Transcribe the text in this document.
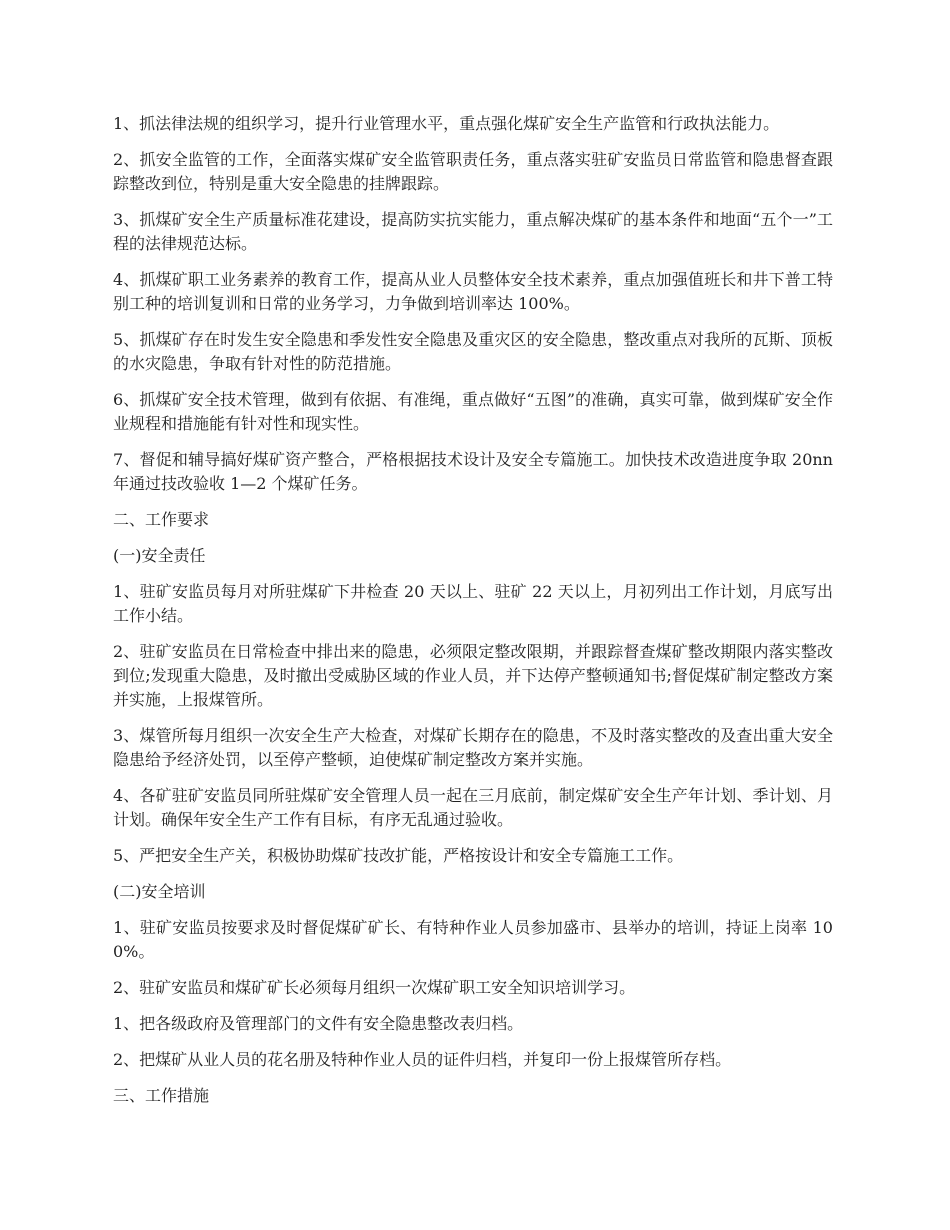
1、抓法律法规的组织学习，提升行业管理水平，重点强化煤矿安全生产监管和行政执法能力。

2、抓安全监管的工作，全面落实煤矿安全监管职责任务，重点落实驻矿安监员日常监管和隐患督查跟踪整改到位，特别是重大安全隐患的挂牌跟踪。

3、抓煤矿安全生产质量标准花建设，提高防实抗实能力，重点解决煤矿的基本条件和地面“五个一”工程的法律规范达标。

4、抓煤矿职工业务素养的教育工作，提高从业人员整体安全技术素养，重点加强值班长和井下普工特别工种的培训复训和日常的业务学习，力争做到培训率达 100%。

5、抓煤矿存在时发生安全隐患和季发性安全隐患及重灾区的安全隐患，整改重点对我所的瓦斯、顶板的水灾隐患，争取有针对性的防范措施。

6、抓煤矿安全技术管理，做到有依据、有准绳，重点做好“五图”的准确，真实可靠，做到煤矿安全作业规程和措施能有针对性和现实性。

7、督促和辅导搞好煤矿资产整合，严格根据技术设计及安全专篇施工。加快技术改造进度争取 20nn 年通过技改验收 1—2 个煤矿任务。

二、工作要求

(一)安全责任

1、驻矿安监员每月对所驻煤矿下井检查 20 天以上、驻矿 22 天以上，月初列出工作计划，月底写出工作小结。

2、驻矿安监员在日常检查中排出来的隐患，必须限定整改限期，并跟踪督查煤矿整改期限内落实整改到位;发现重大隐患，及时撤出受威胁区域的作业人员，并下达停产整顿通知书;督促煤矿制定整改方案并实施，上报煤管所。

3、煤管所每月组织一次安全生产大检查，对煤矿长期存在的隐患，不及时落实整改的及查出重大安全隐患给予经济处罚，以至停产整顿，迫使煤矿制定整改方案并实施。

4、各矿驻矿安监员同所驻煤矿安全管理人员一起在三月底前，制定煤矿安全生产年计划、季计划、月计划。确保年安全生产工作有目标，有序无乱通过验收。

5、严把安全生产关，积极协助煤矿技改扩能，严格按设计和安全专篇施工工作。

(二)安全培训

1、驻矿安监员按要求及时督促煤矿矿长、有特种作业人员参加盛市、县举办的培训，持证上岗率 100%。

2、驻矿安监员和煤矿矿长必须每月组织一次煤矿职工安全知识培训学习。

1、把各级政府及管理部门的文件有安全隐患整改表归档。

2、把煤矿从业人员的花名册及特种作业人员的证件归档，并复印一份上报煤管所存档。

三、工作措施
